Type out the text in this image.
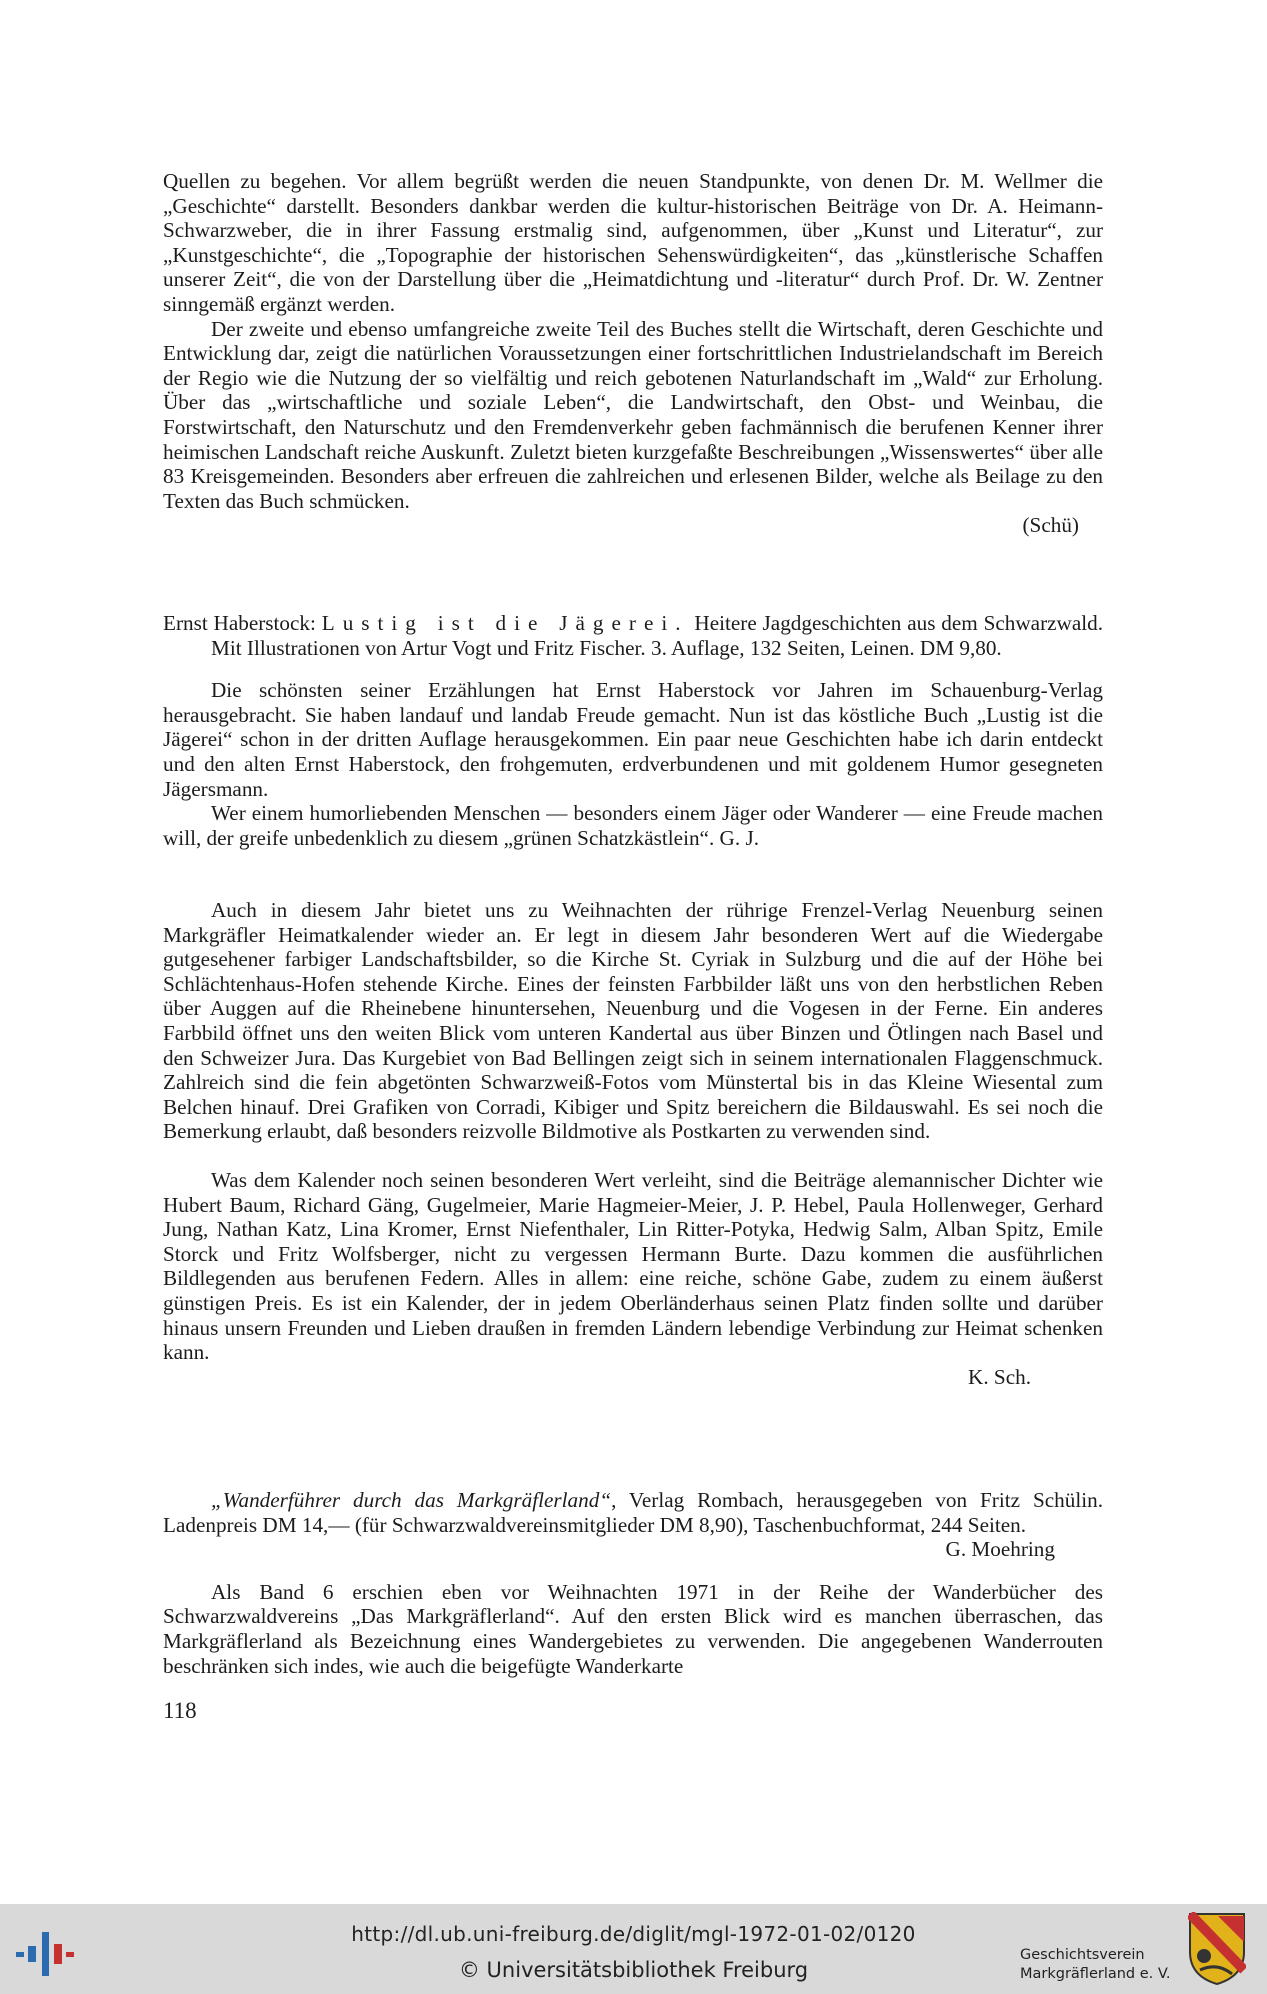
Quellen zu begehen. Vor allem begrüßt werden die neuen Standpunkte, von denen Dr. M. Wellmer die „Geschichte“ darstellt. Besonders dankbar werden die kultur-historischen Beiträge von Dr. A. Heimann-Schwarzweber, die in ihrer Fassung erstmalig sind, aufgenommen, über „Kunst und Literatur“, zur „Kunstgeschichte“, die „Topographie der historischen Sehenswürdigkeiten“, das „künstlerische Schaffen unserer Zeit“, die von der Darstellung über die „Heimatdichtung und -literatur“ durch Prof. Dr. W. Zentner sinngemäß ergänzt werden.

Der zweite und ebenso umfangreiche zweite Teil des Buches stellt die Wirtschaft, deren Geschichte und Entwicklung dar, zeigt die natürlichen Voraussetzungen einer fortschrittlichen Industrielandschaft im Bereich der Regio wie die Nutzung der so vielfältig und reich gebotenen Naturlandschaft im „Wald“ zur Erholung. Über das „wirtschaftliche und soziale Leben“, die Landwirtschaft, den Obst- und Weinbau, die Forstwirtschaft, den Naturschutz und den Fremdenverkehr geben fachmännisch die berufenen Kenner ihrer heimischen Landschaft reiche Auskunft. Zuletzt bieten kurzgefaßte Beschreibungen „Wissenswertes“ über alle 83 Kreisgemeinden. Besonders aber erfreuen die zahlreichen und erlesenen Bilder, welche als Beilage zu den Texten das Buch schmücken.

(Schü)

Ernst Haberstock: Lustig ist die Jägerei. Heitere Jagdgeschichten aus dem Schwarzwald. Mit Illustrationen von Artur Vogt und Fritz Fischer. 3. Auflage, 132 Seiten, Leinen. DM 9,80.

Die schönsten seiner Erzählungen hat Ernst Haberstock vor Jahren im Schauenburg-Verlag herausgebracht. Sie haben landauf und landab Freude gemacht. Nun ist das köstliche Buch „Lustig ist die Jägerei“ schon in der dritten Auflage herausgekommen. Ein paar neue Geschichten habe ich darin entdeckt und den alten Ernst Haberstock, den frohgemuten, erdverbundenen und mit goldenem Humor gesegneten Jägersmann.

Wer einem humorliebenden Menschen — besonders einem Jäger oder Wanderer — eine Freude machen will, der greife unbedenklich zu diesem „grünen Schatzkästlein“. G. J.

Auch in diesem Jahr bietet uns zu Weihnachten der rührige Frenzel-Verlag Neuenburg seinen Markgräfler Heimatkalender wieder an. Er legt in diesem Jahr besonderen Wert auf die Wiedergabe gutgesehener farbiger Landschaftsbilder, so die Kirche St. Cyriak in Sulzburg und die auf der Höhe bei Schlächtenhaus-Hofen stehende Kirche. Eines der feinsten Farbbilder läßt uns von den herbstlichen Reben über Auggen auf die Rheinebene hinuntersehen, Neuenburg und die Vogesen in der Ferne. Ein anderes Farbbild öffnet uns den weiten Blick vom unteren Kandertal aus über Binzen und Ötlingen nach Basel und den Schweizer Jura. Das Kurgebiet von Bad Bellingen zeigt sich in seinem internationalen Flaggenschmuck. Zahlreich sind die fein abgetönten Schwarzweiß-Fotos vom Münstertal bis in das Kleine Wiesental zum Belchen hinauf. Drei Grafiken von Corradi, Kibiger und Spitz bereichern die Bildauswahl. Es sei noch die Bemerkung erlaubt, daß besonders reizvolle Bildmotive als Postkarten zu verwenden sind.

Was dem Kalender noch seinen besonderen Wert verleiht, sind die Beiträge alemannischer Dichter wie Hubert Baum, Richard Gäng, Gugelmeier, Marie Hagmeier-Meier, J. P. Hebel, Paula Hollenweger, Gerhard Jung, Nathan Katz, Lina Kromer, Ernst Niefenthaler, Lin Ritter-Potyka, Hedwig Salm, Alban Spitz, Emile Storck und Fritz Wolfsberger, nicht zu vergessen Hermann Burte. Dazu kommen die ausführlichen Bildlegenden aus berufenen Federn. Alles in allem: eine reiche, schöne Gabe, zudem zu einem äußerst günstigen Preis. Es ist ein Kalender, der in jedem Oberländerhaus seinen Platz finden sollte und darüber hinaus unsern Freunden und Lieben draußen in fremden Ländern lebendige Verbindung zur Heimat schenken kann.

K. Sch.

„Wanderführer durch das Markgräflerland“, Verlag Rombach, herausgegeben von Fritz Schülin. Ladenpreis DM 14,— (für Schwarzwaldvereinsmitglieder DM 8,90), Taschenbuchformat, 244 Seiten.

G. Moehring

Als Band 6 erschien eben vor Weihnachten 1971 in der Reihe der Wanderbücher des Schwarzwaldvereins „Das Markgräflerland“. Auf den ersten Blick wird es manchen überraschen, das Markgräflerland als Bezeichnung eines Wandergebietes zu verwenden. Die angegebenen Wanderrouten beschränken sich indes, wie auch die beigefügte Wanderkarte

118
http://dl.ub.uni-freiburg.de/diglit/mgl-1972-01-02/0120
© Universitätsbibliothek Freiburg
Geschichtsverein
Markgräflerland e. V.
